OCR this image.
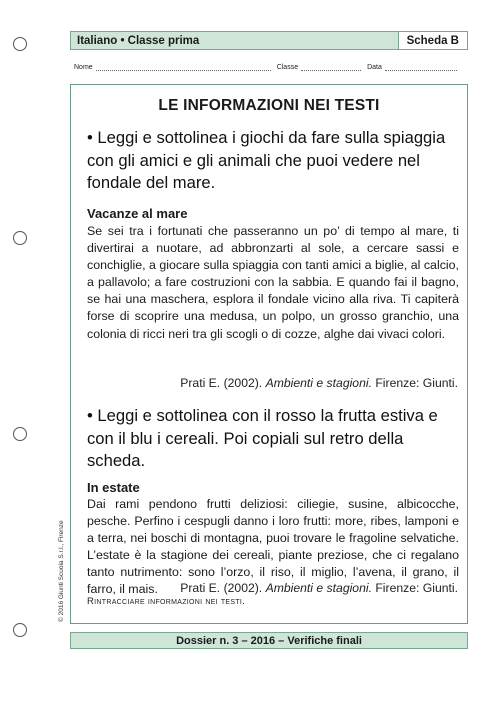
Italiano • Classe prima	Scheda B
Nome	Classe	Data
LE INFORMAZIONI NEI TESTI
• Leggi e sottolinea i giochi da fare sulla spiaggia con gli amici e gli animali che puoi vedere nel fondale del mare.
Vacanze al mare

Se sei tra i fortunati che passeranno un po’ di tempo al mare, ti divertirai a nuotare, ad abbronzarti al sole, a cercare sassi e conchiglie, a giocare sulla spiaggia con tanti amici a biglie, al calcio, a pallavolo; a fare costruzioni con la sabbia. E quando fai il bagno, se hai una maschera, esplora il fondale vicino alla riva. Ti capiterà forse di scoprire una medusa, un polpo, un grosso granchio, una colonia di ricci neri tra gli scogli o di cozze, alghe dai vivaci colori.

Prati E. (2002). Ambienti e stagioni. Firenze: Giunti.
• Leggi e sottolinea con il rosso la frutta estiva e con il blu i cereali. Poi copiali sul retro della scheda.
In estate

Dai rami pendono frutti deliziosi: ciliegie, susine, albicocche, pesche. Perfino i cespugli danno i loro frutti: more, ribes, lamponi e a terra, nei boschi di montagna, puoi trovare le fragoline selvatiche. L’estate è la stagione dei cereali, piante preziose, che ci regalano tanto nutrimento: sono l’orzo, il riso, il miglio, l’avena, il grano, il farro, il mais.	Prati E. (2002). Ambienti e stagioni. Firenze: Giunti.
Rintracciare informazioni nei testi.
© 2016 Giunti Scuola S.r.l., Firenze
Dossier n. 3 – 2016 – Verifiche finali
